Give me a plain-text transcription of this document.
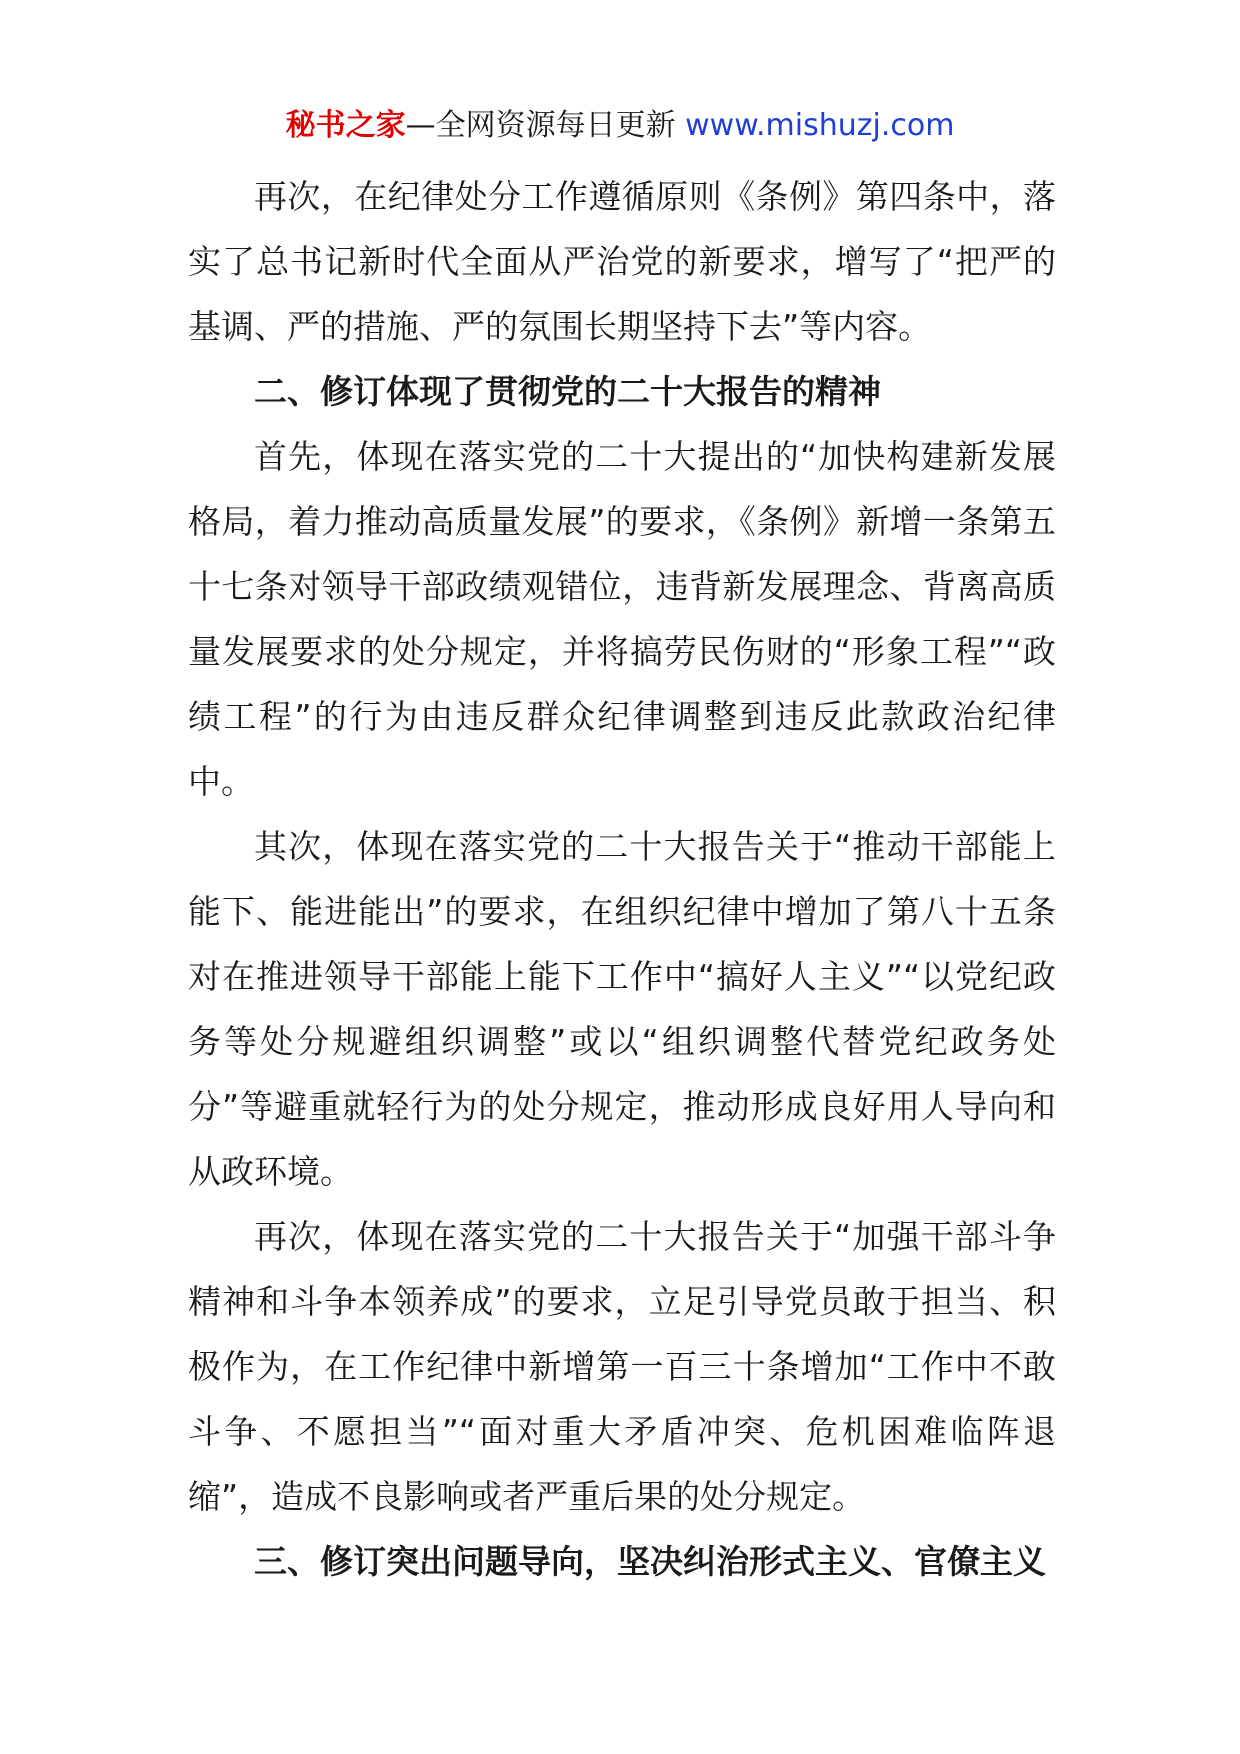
秘书之家—全网资源每日更新 www.mishuzj.com

再次，在纪律处分工作遵循原则《条例》第四条中，落实了总书记新时代全面从严治党的新要求，增写了“把严的基调、严的措施、严的氛围长期坚持下去”等内容。

二、修订体现了贯彻党的二十大报告的精神

首先，体现在落实党的二十大提出的“加快构建新发展格局，着力推动高质量发展”的要求，《条例》新增一条第五十七条对领导干部政绩观错位，违背新发展理念、背离高质量发展要求的处分规定，并将搞劳民伤财的“形象工程”“政绩工程”的行为由违反群众纪律调整到违反此款政治纪律中。

其次，体现在落实党的二十大报告关于“推动干部能上能下、能进能出”的要求，在组织纪律中增加了第八十五条对在推进领导干部能上能下工作中“搞好人主义”“以党纪政务等处分规避组织调整”或以“组织调整代替党纪政务处分”等避重就轻行为的处分规定，推动形成良好用人导向和从政环境。

再次，体现在落实党的二十大报告关于“加强干部斗争精神和斗争本领养成”的要求，立足引导党员敢于担当、积极作为，在工作纪律中新增第一百三十条增加“工作中不敢斗争、不愿担当”“面对重大矛盾冲突、危机困难临阵退缩”，造成不良影响或者严重后果的处分规定。

三、修订突出问题导向，坚决纠治形式主义、官僚主义
